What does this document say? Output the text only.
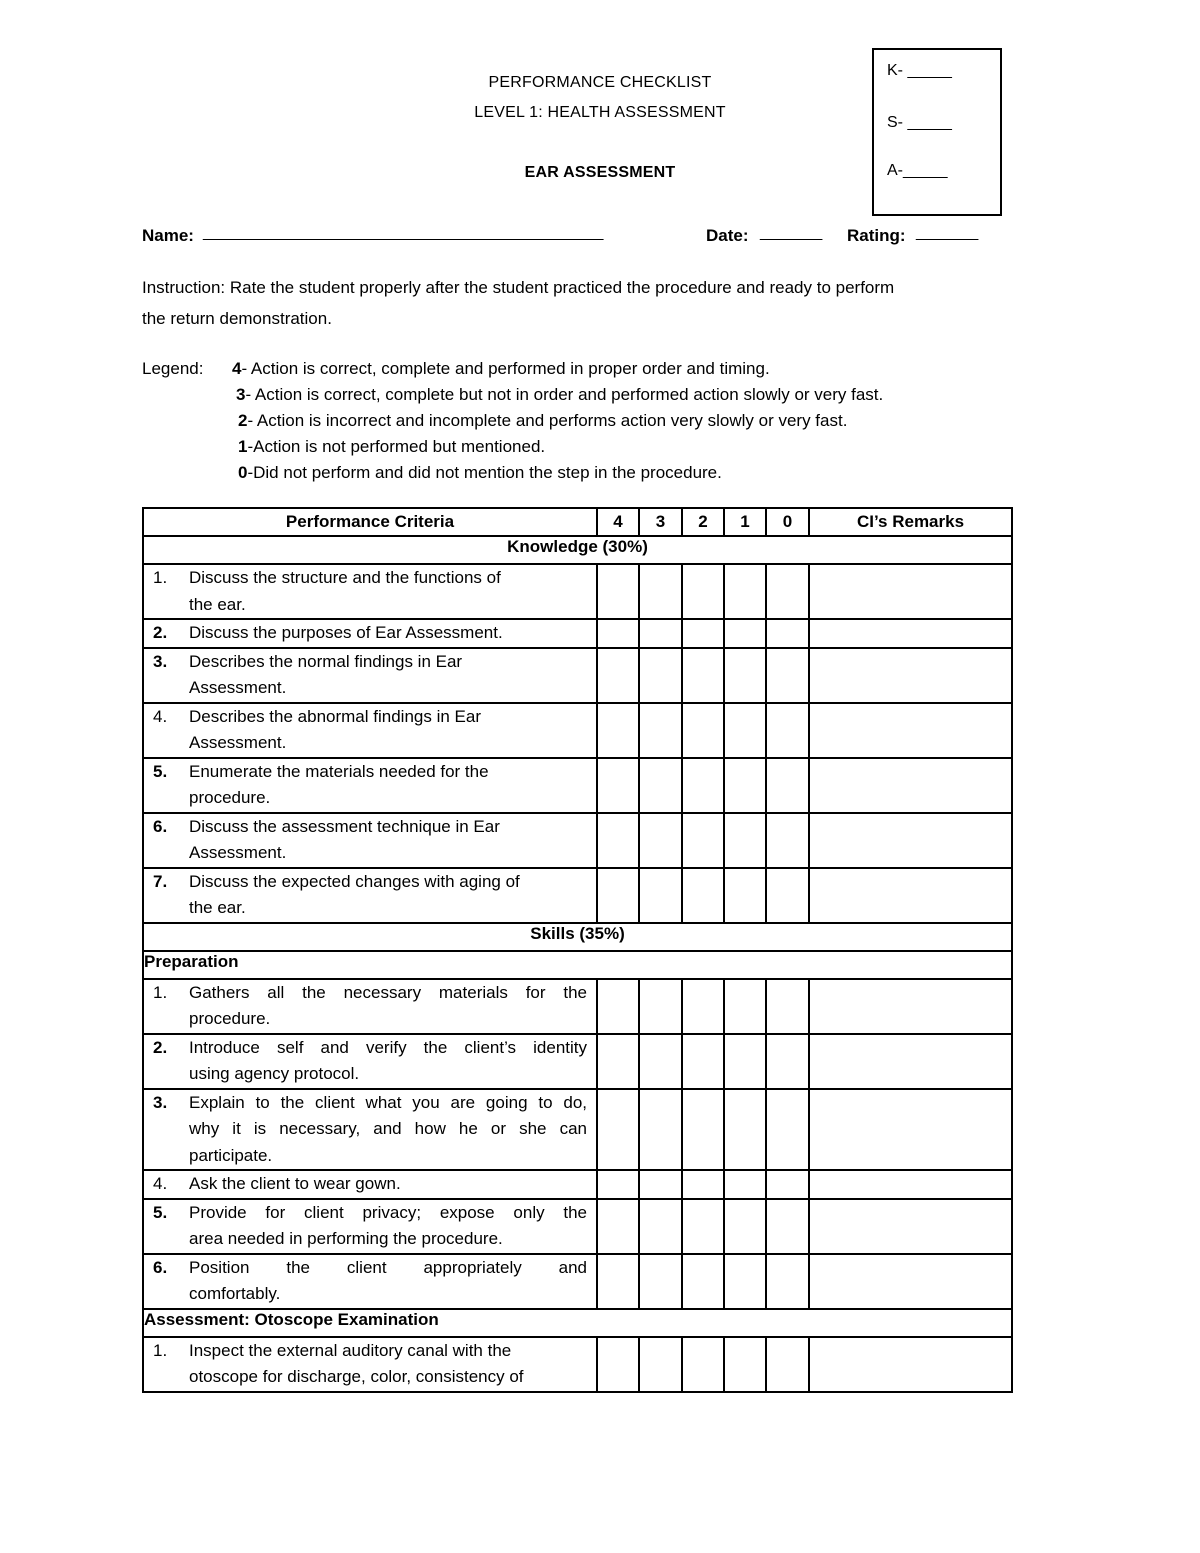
PERFORMANCE CHECKLIST
LEVEL 1: HEALTH ASSESSMENT
EAR ASSESSMENT
K- _____
S- _____
A-_____
Name: _____________________________________________	Date: _______ Rating: _______
Instruction: Rate the student properly after the student practiced the procedure and ready to perform
the return demonstration.
Legend: 4- Action is correct, complete and performed in proper order and timing.
3- Action is correct, complete but not in order and performed action slowly or very fast.
2- Action is incorrect and incomplete and performs action very slowly or very fast.
1-Action is not performed but mentioned.
0-Did not perform and did not mention the step in the procedure.
Performance Criteria	4	3	2	1	0	CI’s Remarks
Knowledge (30%)						

1. Discuss the structure and the functions of
the ear.						

2. Discuss the purposes of Ear Assessment.						

3. Describes the normal findings in Ear
Assessment.						

4. Describes the abnormal findings in Ear
Assessment.						

5. Enumerate the materials needed for the
procedure.						

6. Discuss the assessment technique in Ear
Assessment.						

7. Discuss the expected changes with aging of
the ear.						

Skills (35%)						
Preparation						

1. Gathers all the necessary materials for the
procedure.						

2. Introduce self and verify the client’s identity
using agency protocol.						

3. Explain to the client what you are going to do,
why it is necessary, and how he or she can
participate.						

4. Ask the client to wear gown.						

5. Provide for client privacy; expose only the
area needed in performing the procedure.						

6. Position the client appropriately and
comfortably.						

Assessment: Otoscope Examination						

1. Inspect the external auditory canal with the
otoscope for discharge, color, consistency of						
